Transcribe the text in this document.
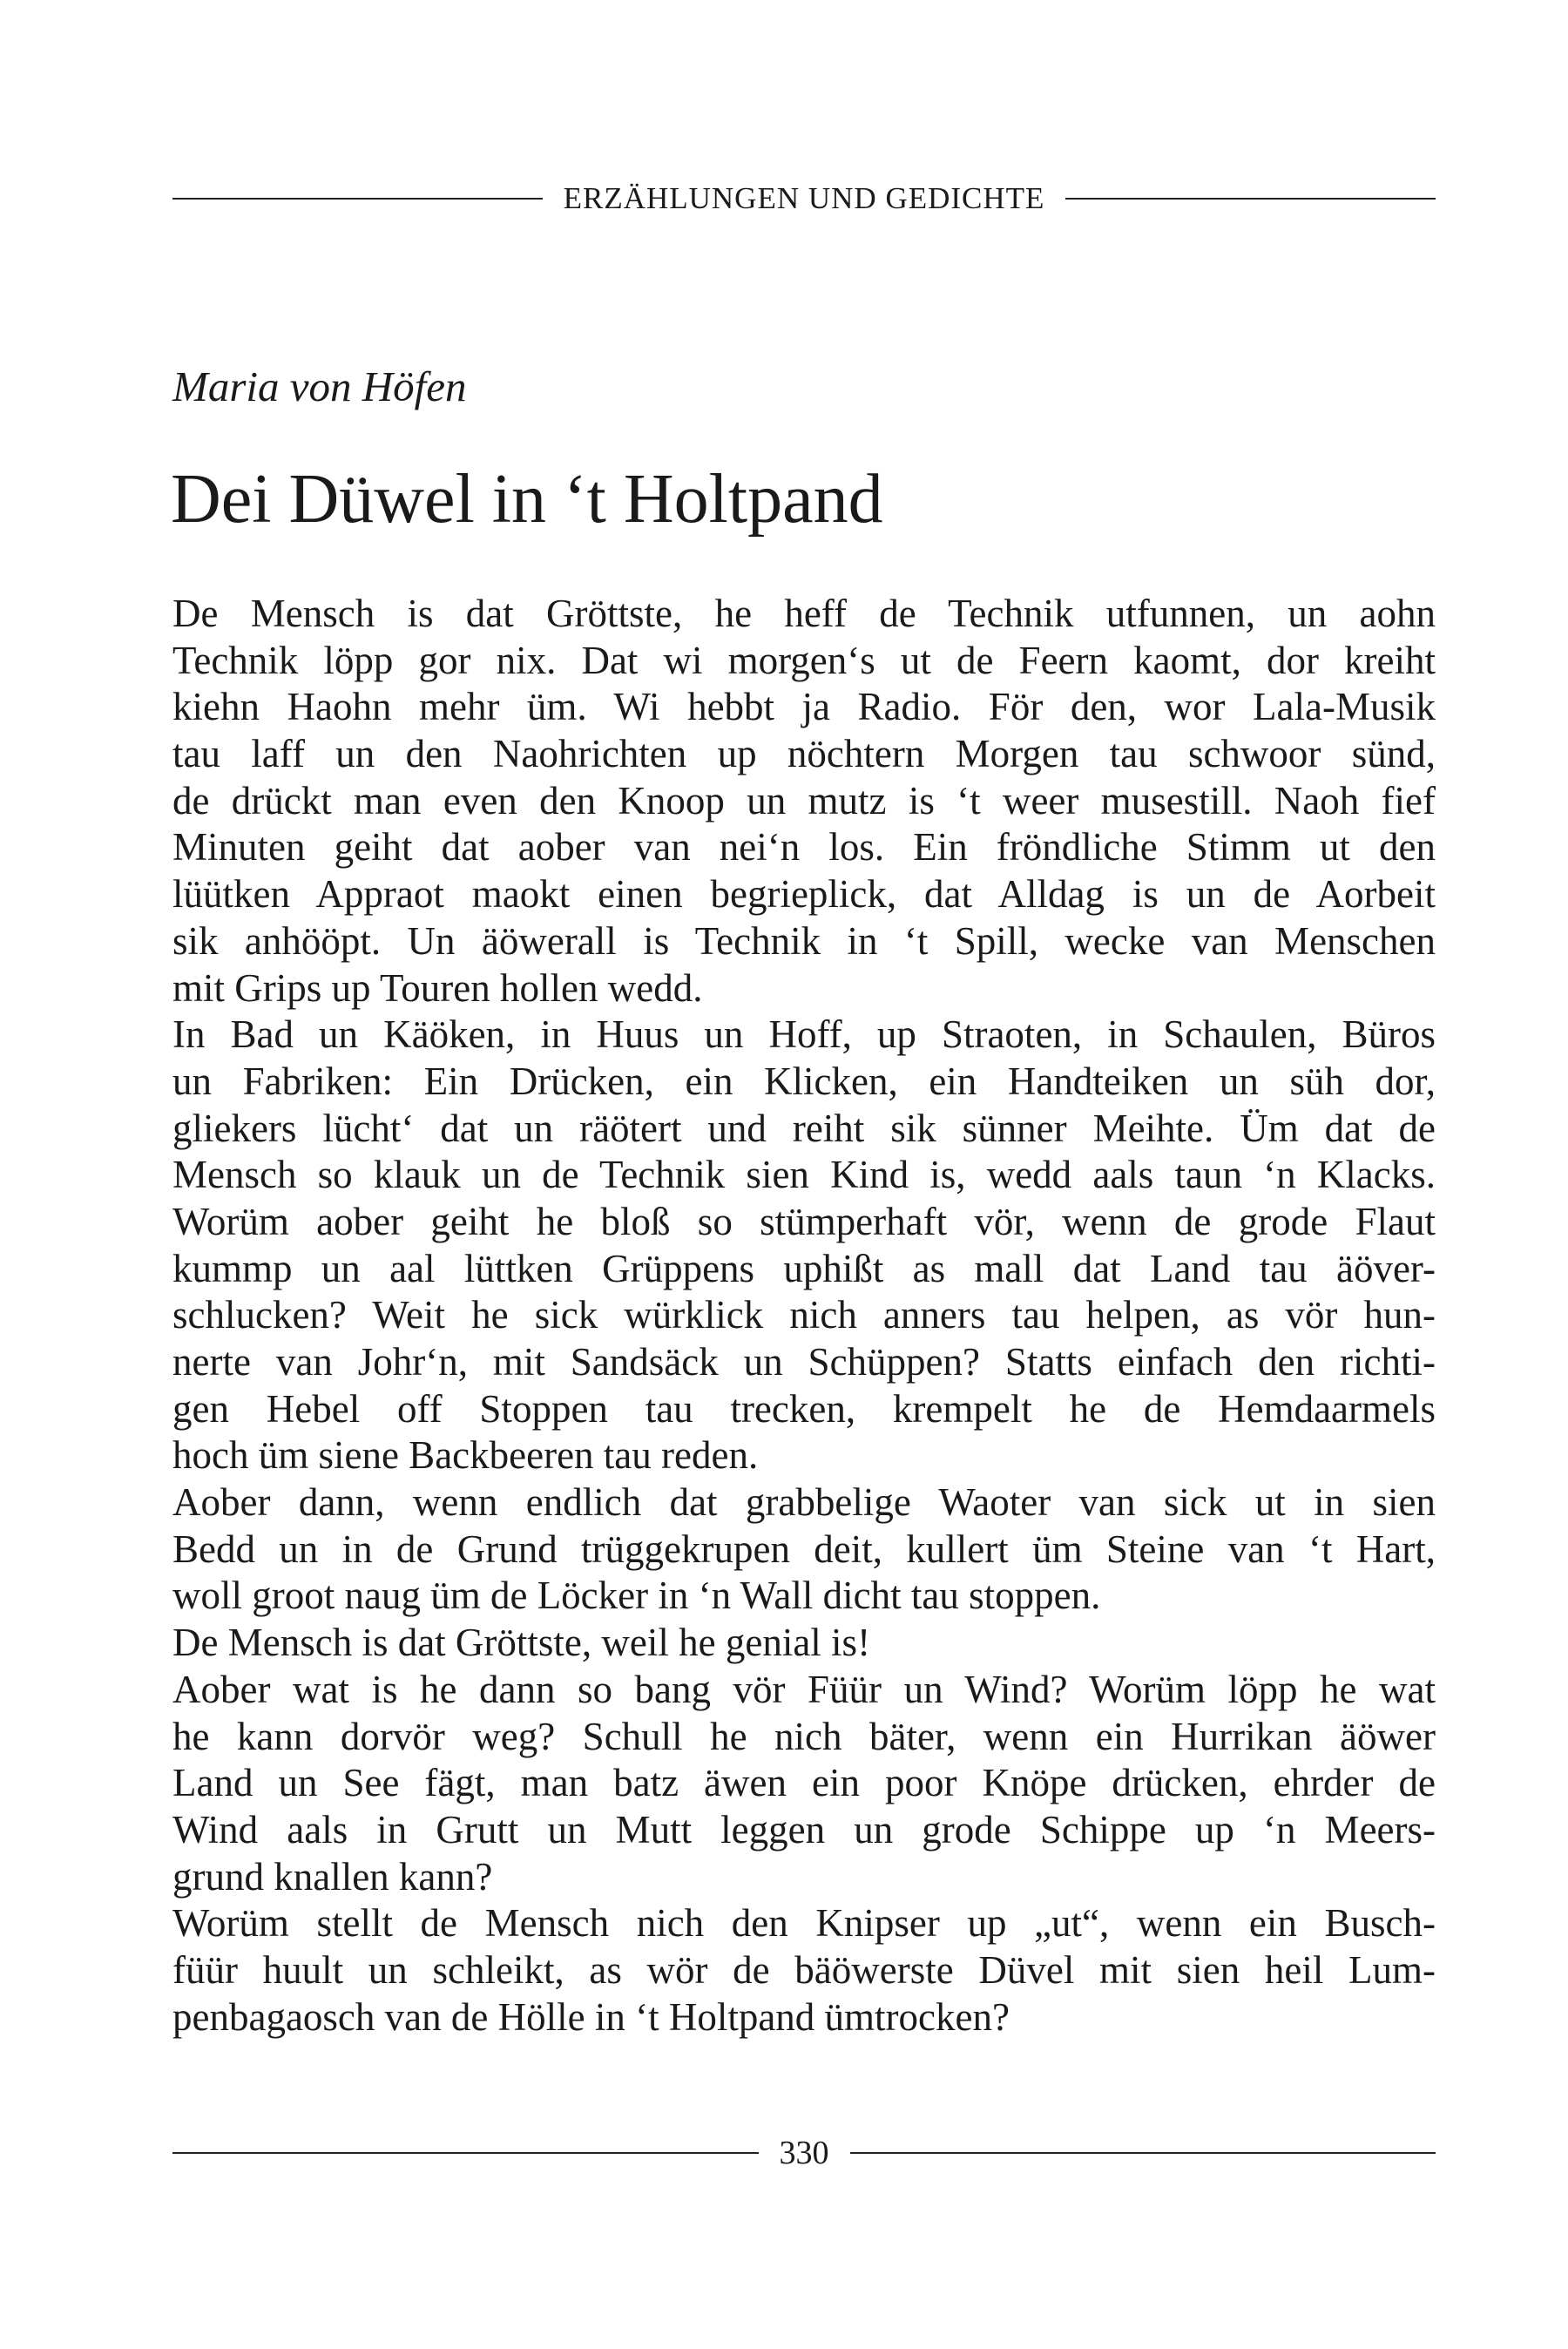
ERZÄHLUNGEN UND GEDICHTE
Maria von Höfen
Dei Düwel in ‘t Holtpand
De Mensch is dat Gröttste, he heff de Technik utfunnen, un aohn
Technik löpp gor nix. Dat wi morgen‘s ut de Feern kaomt, dor kreiht
kiehn Haohn mehr üm. Wi hebbt ja Radio. För den, wor Lala-Musik
tau laff un den Naohrichten up nöchtern Morgen tau schwoor sünd,
de drückt man even den Knoop un mutz is ‘t weer musestill. Naoh fief
Minuten geiht dat aober van nei‘n los. Ein fröndliche Stimm ut den
lüütken Appraot maokt einen begrieplick, dat Alldag is un de Aorbeit
sik anhööpt. Un äöwerall is Technik in ‘t Spill, wecke van Menschen
mit Grips up Touren hollen wedd.
In Bad un Käöken, in Huus un Hoff, up Straoten, in Schaulen, Büros
un Fabriken: Ein Drücken, ein Klicken, ein Handteiken un süh dor,
gliekers lücht‘ dat un räötert und reiht sik sünner Meihte. Üm dat de
Mensch so klauk un de Technik sien Kind is, wedd aals taun ‘n Klacks.
Worüm aober geiht he bloß so stümperhaft vör, wenn de grode Flaut
kummp un aal lüttken Grüppens uphißt as mall dat Land tau äöver-
schlucken? Weit he sick würklick nich anners tau helpen, as vör hun-
nerte van Johr‘n, mit Sandsäck un Schüppen? Statts einfach den richti-
gen Hebel off Stoppen tau trecken, krempelt he de Hemdaarmels
hoch üm siene Backbeeren tau reden.
Aober dann, wenn endlich dat grabbelige Waoter van sick ut in sien
Bedd un in de Grund trüggekrupen deit, kullert üm Steine van ‘t Hart,
woll groot naug üm de Löcker in ‘n Wall dicht tau stoppen.
De Mensch is dat Gröttste, weil he genial is!
Aober wat is he dann so bang vör Füür un Wind? Worüm löpp he wat
he kann dorvör weg? Schull he nich bäter, wenn ein Hurrikan äöwer
Land un See fägt, man batz äwen ein poor Knöpe drücken, ehrder de
Wind aals in Grutt un Mutt leggen un grode Schippe up ‘n Meers-
grund knallen kann?
Worüm stellt de Mensch nich den Knipser up „ut“, wenn ein Busch-
füür huult un schleikt, as wör de bäöwerste Düvel mit sien heil Lum-
penbagaosch van de Hölle in ‘t Holtpand ümtrocken?
330
